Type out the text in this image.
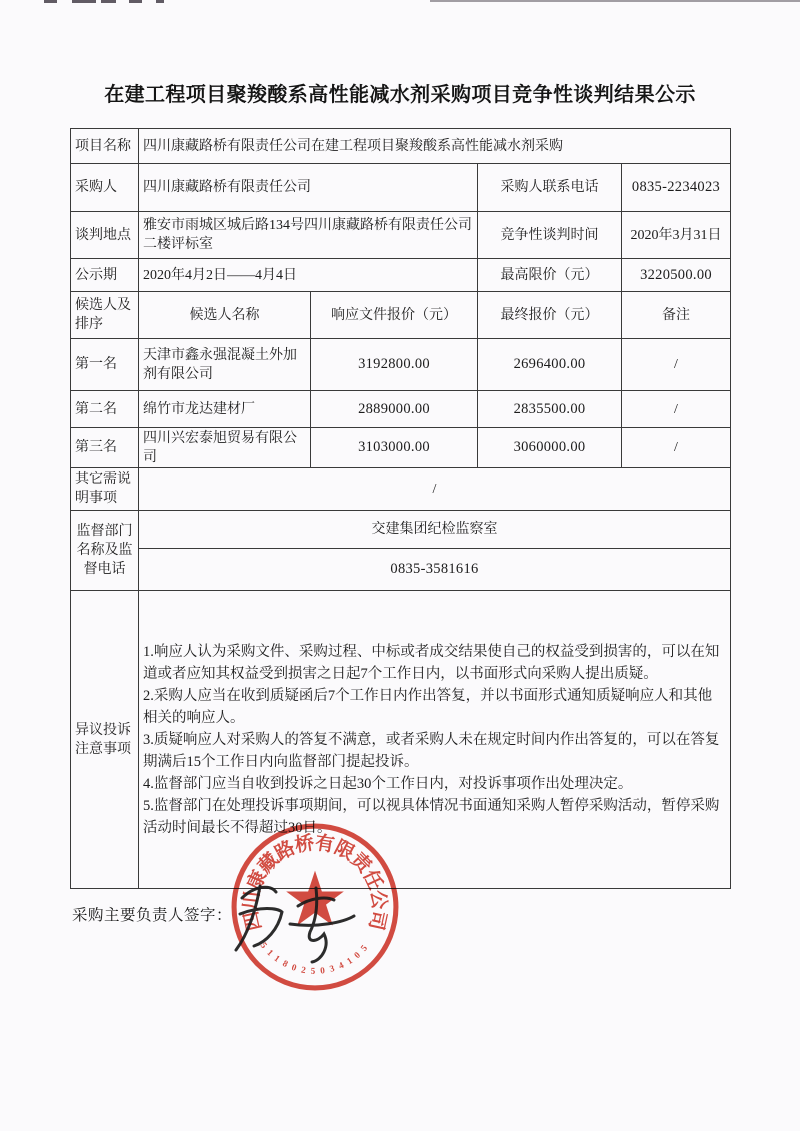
在建工程项目聚羧酸系高性能减水剂采购项目竞争性谈判结果公示
项目名称	四川康藏路桥有限责任公司在建工程项目聚羧酸系高性能减水剂采购			
采购人	四川康藏路桥有限责任公司		采购人联系电话	0835-2234023
谈判地点	雅安市雨城区城后路134号四川康藏路桥有限责任公司二楼评标室		竞争性谈判时间	2020年3月31日
公示期	2020年4月2日——4月4日		最高限价（元）	3220500.00
候选人及排序	候选人名称	响应文件报价（元）	最终报价（元）	备注
第一名	天津市鑫永强混凝土外加剂有限公司	3192800.00	2696400.00	/
第二名	绵竹市龙达建材厂	2889000.00	2835500.00	/
第三名	四川兴宏泰旭贸易有限公司	3103000.00	3060000.00	/
其它需说明事项	/			
监督部门名称及监督电话	交建集团纪检监察室			
	0835-3581616			
异议投诉注意事项	1.响应人认为采购文件、采购过程、中标或者成交结果使自己的权益受到损害的，可以在知道或者应知其权益受到损害之日起7个工作日内，以书面形式向采购人提出质疑。
2.采购人应当在收到质疑函后7个工作日内作出答复，并以书面形式通知质疑响应人和其他相关的响应人。
3.质疑响应人对采购人的答复不满意，或者采购人未在规定时间内作出答复的，可以在答复期满后15个工作日内向监督部门提起投诉。
4.监督部门应当自收到投诉之日起30个工作日内，对投诉事项作出处理决定。
5.监督部门在处理投诉事项期间，可以视具体情况书面通知采购人暂停采购活动，暂停采购活动时间最长不得超过30日。			
采购主要负责人签字： 四川康藏路桥有限责任公司
5118025034105
